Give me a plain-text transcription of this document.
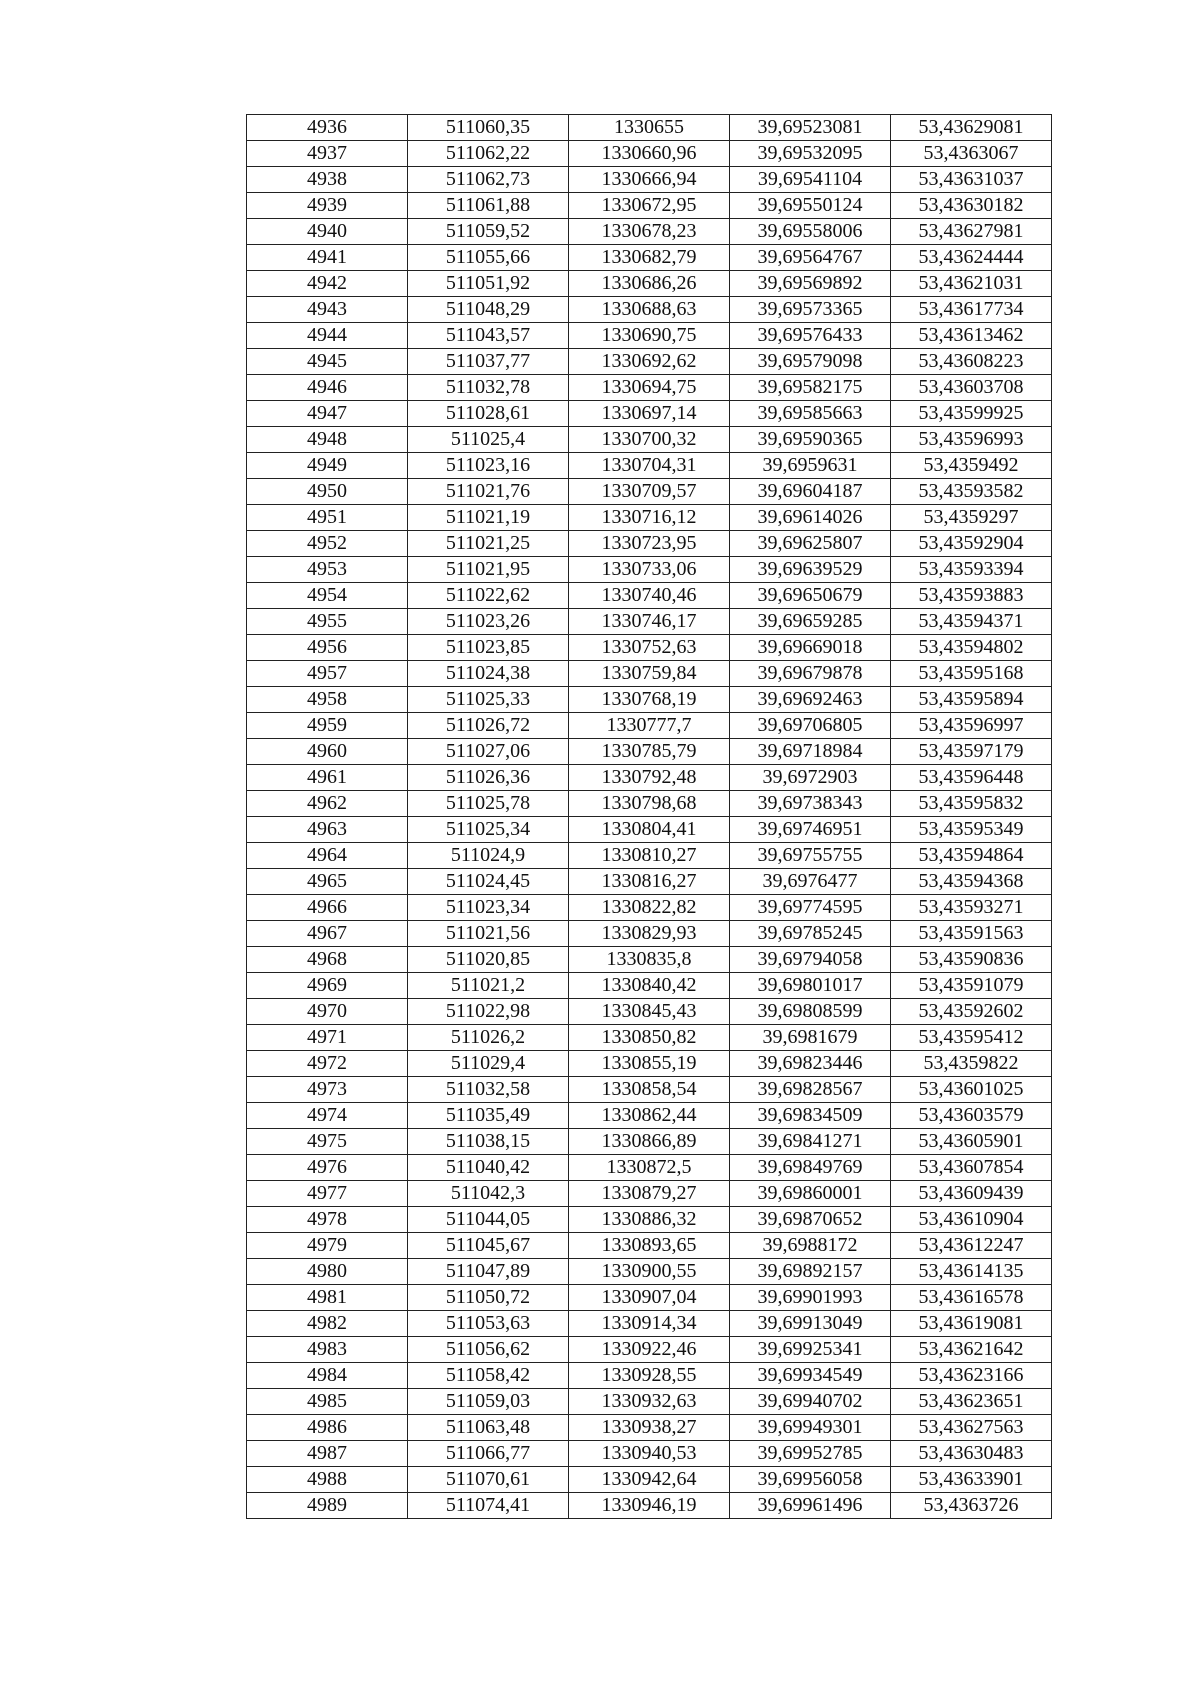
4936	511060,35	1330655	39,69523081	53,43629081
4937	511062,22	1330660,96	39,69532095	53,4363067
4938	511062,73	1330666,94	39,69541104	53,43631037
4939	511061,88	1330672,95	39,69550124	53,43630182
4940	511059,52	1330678,23	39,69558006	53,43627981
4941	511055,66	1330682,79	39,69564767	53,43624444
4942	511051,92	1330686,26	39,69569892	53,43621031
4943	511048,29	1330688,63	39,69573365	53,43617734
4944	511043,57	1330690,75	39,69576433	53,43613462
4945	511037,77	1330692,62	39,69579098	53,43608223
4946	511032,78	1330694,75	39,69582175	53,43603708
4947	511028,61	1330697,14	39,69585663	53,43599925
4948	511025,4	1330700,32	39,69590365	53,43596993
4949	511023,16	1330704,31	39,6959631	53,4359492
4950	511021,76	1330709,57	39,69604187	53,43593582
4951	511021,19	1330716,12	39,69614026	53,4359297
4952	511021,25	1330723,95	39,69625807	53,43592904
4953	511021,95	1330733,06	39,69639529	53,43593394
4954	511022,62	1330740,46	39,69650679	53,43593883
4955	511023,26	1330746,17	39,69659285	53,43594371
4956	511023,85	1330752,63	39,69669018	53,43594802
4957	511024,38	1330759,84	39,69679878	53,43595168
4958	511025,33	1330768,19	39,69692463	53,43595894
4959	511026,72	1330777,7	39,69706805	53,43596997
4960	511027,06	1330785,79	39,69718984	53,43597179
4961	511026,36	1330792,48	39,6972903	53,43596448
4962	511025,78	1330798,68	39,69738343	53,43595832
4963	511025,34	1330804,41	39,69746951	53,43595349
4964	511024,9	1330810,27	39,69755755	53,43594864
4965	511024,45	1330816,27	39,6976477	53,43594368
4966	511023,34	1330822,82	39,69774595	53,43593271
4967	511021,56	1330829,93	39,69785245	53,43591563
4968	511020,85	1330835,8	39,69794058	53,43590836
4969	511021,2	1330840,42	39,69801017	53,43591079
4970	511022,98	1330845,43	39,69808599	53,43592602
4971	511026,2	1330850,82	39,6981679	53,43595412
4972	511029,4	1330855,19	39,69823446	53,4359822
4973	511032,58	1330858,54	39,69828567	53,43601025
4974	511035,49	1330862,44	39,69834509	53,43603579
4975	511038,15	1330866,89	39,69841271	53,43605901
4976	511040,42	1330872,5	39,69849769	53,43607854
4977	511042,3	1330879,27	39,69860001	53,43609439
4978	511044,05	1330886,32	39,69870652	53,43610904
4979	511045,67	1330893,65	39,6988172	53,43612247
4980	511047,89	1330900,55	39,69892157	53,43614135
4981	511050,72	1330907,04	39,69901993	53,43616578
4982	511053,63	1330914,34	39,69913049	53,43619081
4983	511056,62	1330922,46	39,69925341	53,43621642
4984	511058,42	1330928,55	39,69934549	53,43623166
4985	511059,03	1330932,63	39,69940702	53,43623651
4986	511063,48	1330938,27	39,69949301	53,43627563
4987	511066,77	1330940,53	39,69952785	53,43630483
4988	511070,61	1330942,64	39,69956058	53,43633901
4989	511074,41	1330946,19	39,69961496	53,4363726
